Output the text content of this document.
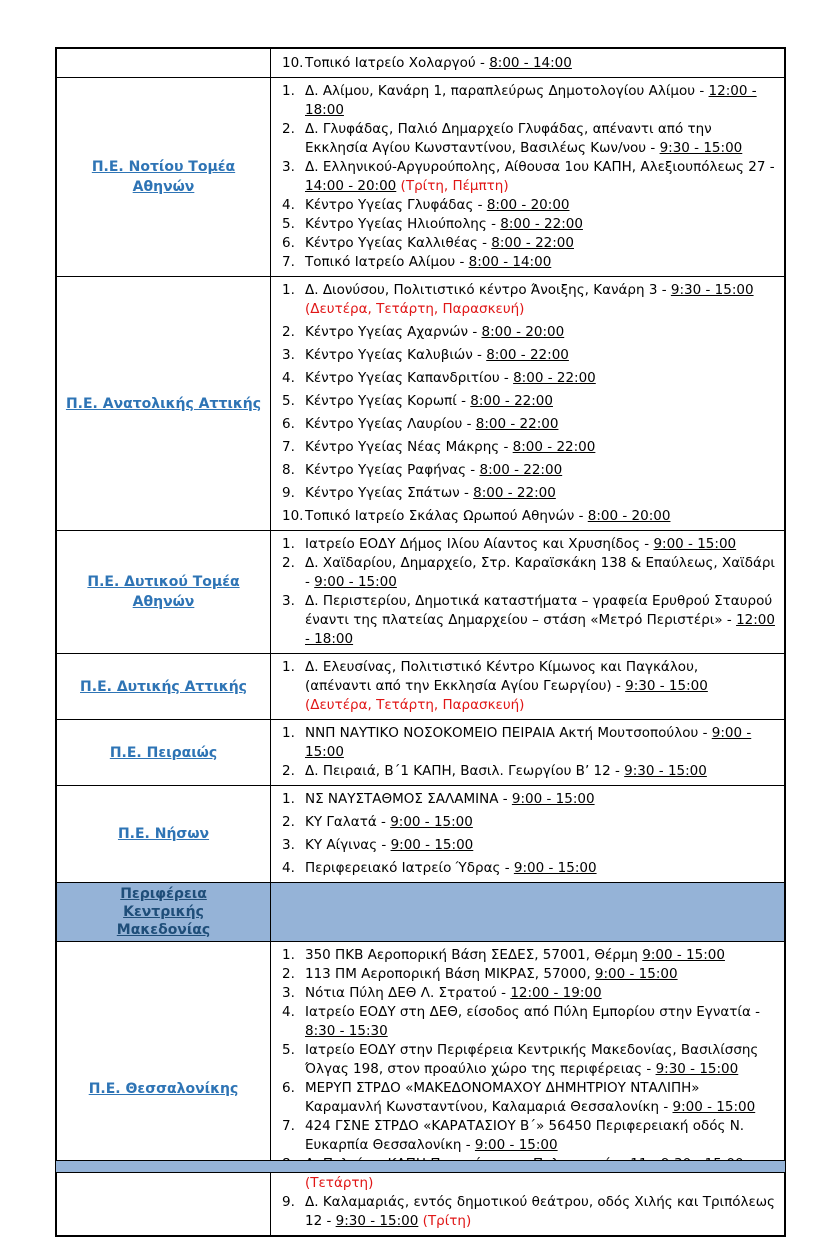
10. Τοπικό Ιατρείο Χολαργού - 8:00 - 14:00
Π.Ε. Νοτίου Τομέα Αθηνών
1. Δ. Αλίμου, Κανάρη 1, παραπλεύρως Δημοτολογίου Αλίμου - 12:00 - 18:00
2. Δ. Γλυφάδας, Παλιό Δημαρχείο Γλυφάδας, απέναντι από την Εκκλησία Αγίου Κωνσταντίνου, Βασιλέως Κων/νου - 9:30 - 15:00
3. Δ. Ελληνικού-Αργυρούπολης, Αίθουσα 1ου ΚΑΠΗ, Αλεξιουπόλεως 27 - 14:00 - 20:00 (Τρίτη, Πέμπτη)
4. Κέντρο Υγείας Γλυφάδας - 8:00 - 20:00
5. Κέντρο Υγείας Ηλιούπολης - 8:00 - 22:00
6. Κέντρο Υγείας Καλλιθέας - 8:00 - 22:00
7. Τοπικό Ιατρείο Αλίμου - 8:00 - 14:00
Π.Ε. Ανατολικής Αττικής
1. Δ. Διονύσου, Πολιτιστικό κέντρο Άνοιξης, Κανάρη 3 - 9:30 - 15:00
(Δευτέρα, Τετάρτη, Παρασκευή)
2. Κέντρο Υγείας Αχαρνών - 8:00 - 20:00
3. Κέντρο Υγείας Καλυβιών - 8:00 - 22:00
4. Κέντρο Υγείας Καπανδριτίου - 8:00 - 22:00
5. Κέντρο Υγείας Κορωπί - 8:00 - 22:00
6. Κέντρο Υγείας Λαυρίου - 8:00 - 22:00
7. Κέντρο Υγείας Νέας Μάκρης - 8:00 - 22:00
8. Κέντρο Υγείας Ραφήνας - 8:00 - 22:00
9. Κέντρο Υγείας Σπάτων - 8:00 - 22:00
10. Τοπικό Ιατρείο Σκάλας Ωρωπού Αθηνών - 8:00 - 20:00
Π.Ε. Δυτικού Τομέα Αθηνών
1. Ιατρείο ΕΟΔΥ Δήμος Ιλίου Αίαντος και Χρυσηίδος - 9:00 - 15:00
2. Δ. Χαϊδαρίου, Δημαρχείο, Στρ. Καραϊσκάκη 138 & Επαύλεως, Χαϊδάρι - 9:00 - 15:00
3. Δ. Περιστερίου, Δημοτικά καταστήματα – γραφεία Ερυθρού Σταυρού έναντι της πλατείας Δημαρχείου – στάση «Μετρό Περιστέρι» - 12:00 - 18:00
Π.Ε. Δυτικής Αττικής
1. Δ. Ελευσίνας, Πολιτιστικό Κέντρο Κίμωνος και Παγκάλου,
(απέναντι από την Εκκλησία Αγίου Γεωργίου) - 9:30 - 15:00
(Δευτέρα, Τετάρτη, Παρασκευή)
Π.Ε. Πειραιώς
1. ΝΝΠ ΝΑΥΤΙΚΟ ΝΟΣΟΚΟΜΕΙΟ ΠΕΙΡΑΙΑ Ακτή Μουτσοπούλου - 9:00 - 15:00
2. Δ. Πειραιά, Β´1 ΚΑΠΗ, Βασιλ. Γεωργίου Β’ 12 - 9:30 - 15:00
Π.Ε. Νήσων
1. ΝΣ ΝΑΥΣΤΑΘΜΟΣ ΣΑΛΑΜΙΝΑ - 9:00 - 15:00
2. ΚΥ Γαλατά - 9:00 - 15:00
3. ΚΥ Αίγινας - 9:00 - 15:00
4. Περιφερειακό Ιατρείο Ύδρας - 9:00 - 15:00
Περιφέρεια Κεντρικής Μακεδονίας
Π.Ε. Θεσσαλονίκης
1. 350 ΠΚΒ Αεροπορική Βάση ΣΕΔΕΣ, 57001, Θέρμη 9:00 - 15:00
2. 113 ΠΜ Αεροπορική Βάση ΜΙΚΡΑΣ, 57000, 9:00 - 15:00
3. Νότια Πύλη ΔΕΘ Λ. Στρατού - 12:00 - 19:00
4. Ιατρείο ΕΟΔΥ στη ΔΕΘ, είσοδος από Πύλη Εμπορίου στην Εγνατία - 8:30 - 15:30
5. Ιατρείο ΕΟΔΥ στην Περιφέρεια Κεντρικής Μακεδονίας, Βασιλίσσης Όλγας 198, στον προαύλιο χώρο της περιφέρειας - 9:30 - 15:00
6. ΜΕΡΥΠ ΣΤΡΔΟ «ΜΑΚΕΔΟΝΟΜΑΧΟΥ ΔΗΜΗΤΡΙΟΥ ΝΤΑΛΙΠΗ»
Καραμανλή Κωνσταντίνου, Καλαμαριά Θεσσαλονίκη - 9:00 - 15:00
7. 424 ΓΣΝΕ ΣΤΡΔΟ «ΚΑΡΑΤΑΣΙΟΥ Β´» 56450 Περιφερειακή οδός Ν. Ευκαρπία Θεσσαλονίκη - 9:00 - 15:00
(Τετάρτη)
9. Δ. Καλαμαριάς, εντός δημοτικού θεάτρου, οδός Χιλής και Τριπόλεως 12 - 9:30 - 15:00 (Τρίτη)
